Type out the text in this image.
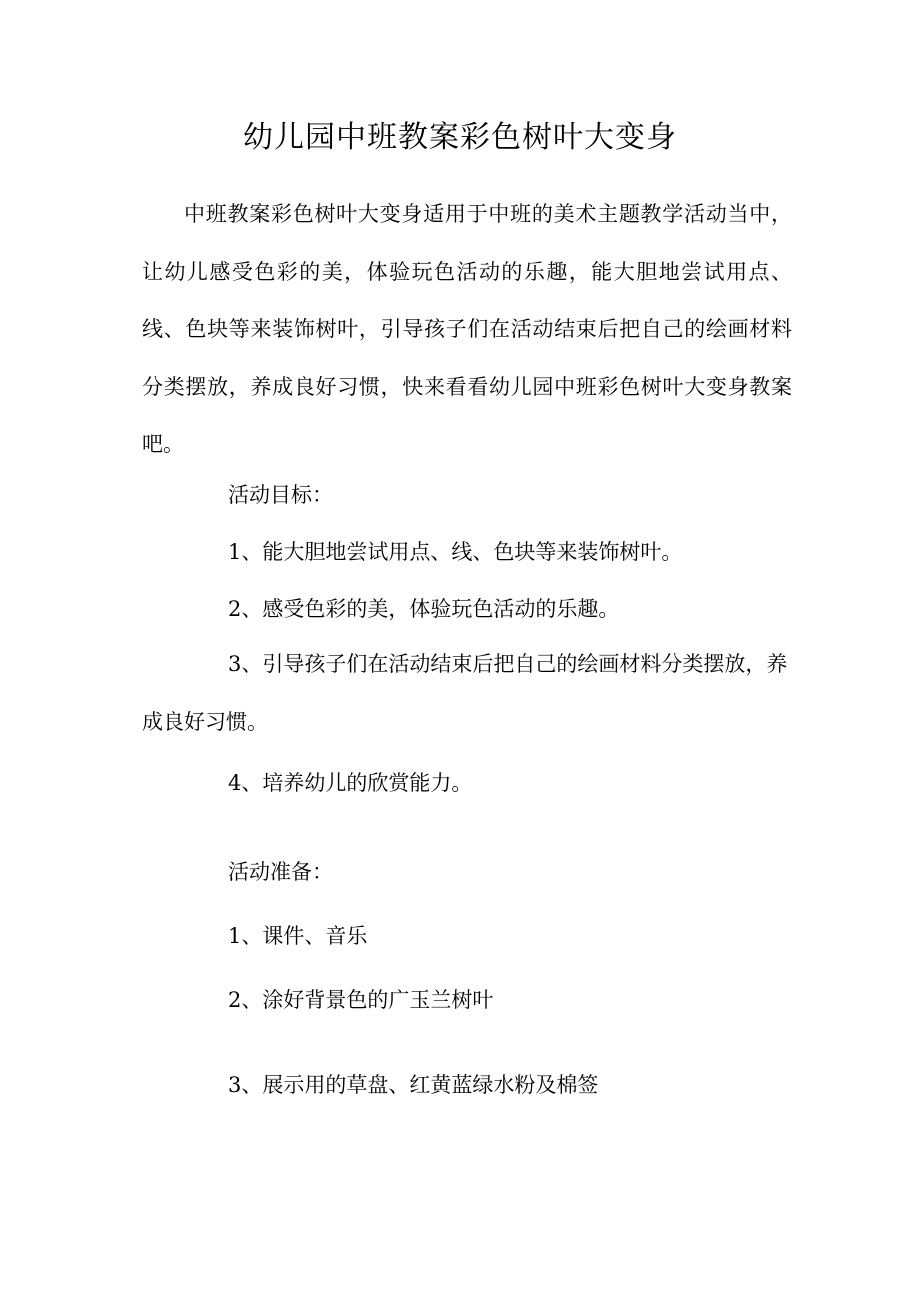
幼儿园中班教案彩色树叶大变身

中班教案彩色树叶大变身适用于中班的美术主题教学活动当中，让幼儿感受色彩的美，体验玩色活动的乐趣，能大胆地尝试用点、线、色块等来装饰树叶，引导孩子们在活动结束后把自己的绘画材料分类摆放，养成良好习惯，快来看看幼儿园中班彩色树叶大变身教案吧。

活动目标：

1、能大胆地尝试用点、线、色块等来装饰树叶。

2、感受色彩的美，体验玩色活动的乐趣。

3、引导孩子们在活动结束后把自己的绘画材料分类摆放，养成良好习惯。

4、培养幼儿的欣赏能力。

活动准备：

1、课件、音乐

2、涂好背景色的广玉兰树叶

3、展示用的草盘、红黄蓝绿水粉及棉签
